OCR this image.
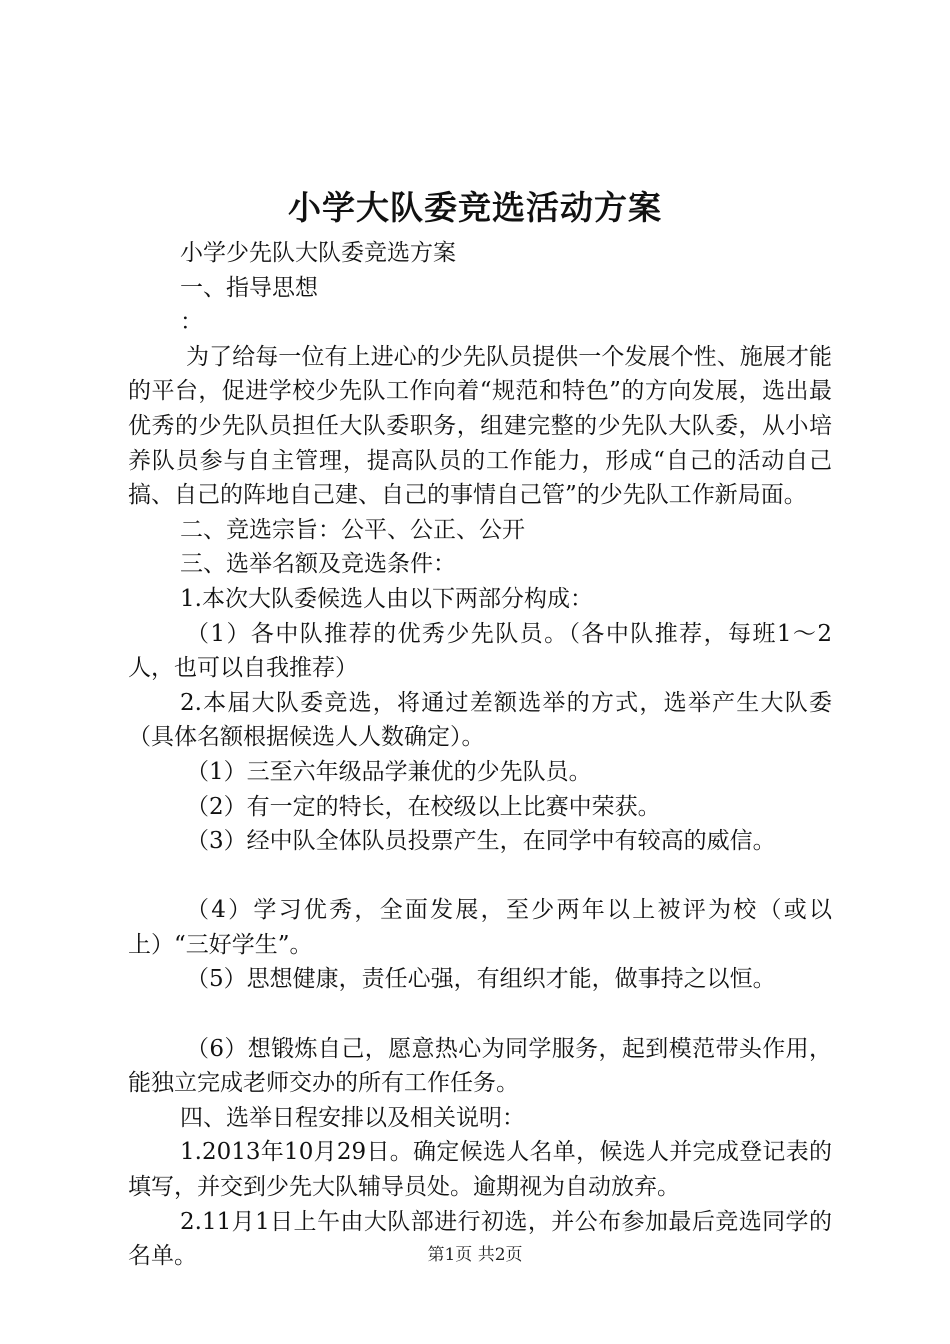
小学大队委竞选活动方案

小学少先队大队委竞选方案

一、指导思想

：

为了给每一位有上进心的少先队员提供一个发展个性、施展才能的平台，促进学校少先队工作向着“规范和特色”的方向发展，选出最优秀的少先队员担任大队委职务，组建完整的少先队大队委，从小培养队员参与自主管理，提高队员的工作能力，形成“自己的活动自己搞、自己的阵地自己建、自己的事情自己管”的少先队工作新局面。

二、竞选宗旨：公平、公正、公开

三、选举名额及竞选条件：

1.本次大队委候选人由以下两部分构成：

（1）各中队推荐的优秀少先队员。（各中队推荐，每班1～2人，也可以自我推荐）

2.本届大队委竞选，将通过差额选举的方式，选举产生大队委（具体名额根据候选人人数确定）。

（1）三至六年级品学兼优的少先队员。

（2）有一定的特长，在校级以上比赛中荣获。

（3）经中队全体队员投票产生，在同学中有较高的威信。

（4）学习优秀，全面发展，至少两年以上被评为校（或以上）“三好学生”。

（5）思想健康，责任心强，有组织才能，做事持之以恒。

（6）想锻炼自己，愿意热心为同学服务，起到模范带头作用，能独立完成老师交办的所有工作任务。

四、选举日程安排以及相关说明：

1.2013年10月29日。确定候选人名单，候选人并完成登记表的填写，并交到少先大队辅导员处。逾期视为自动放弃。

2.11月1日上午由大队部进行初选，并公布参加最后竞选同学的名单。	第1页 共2页
